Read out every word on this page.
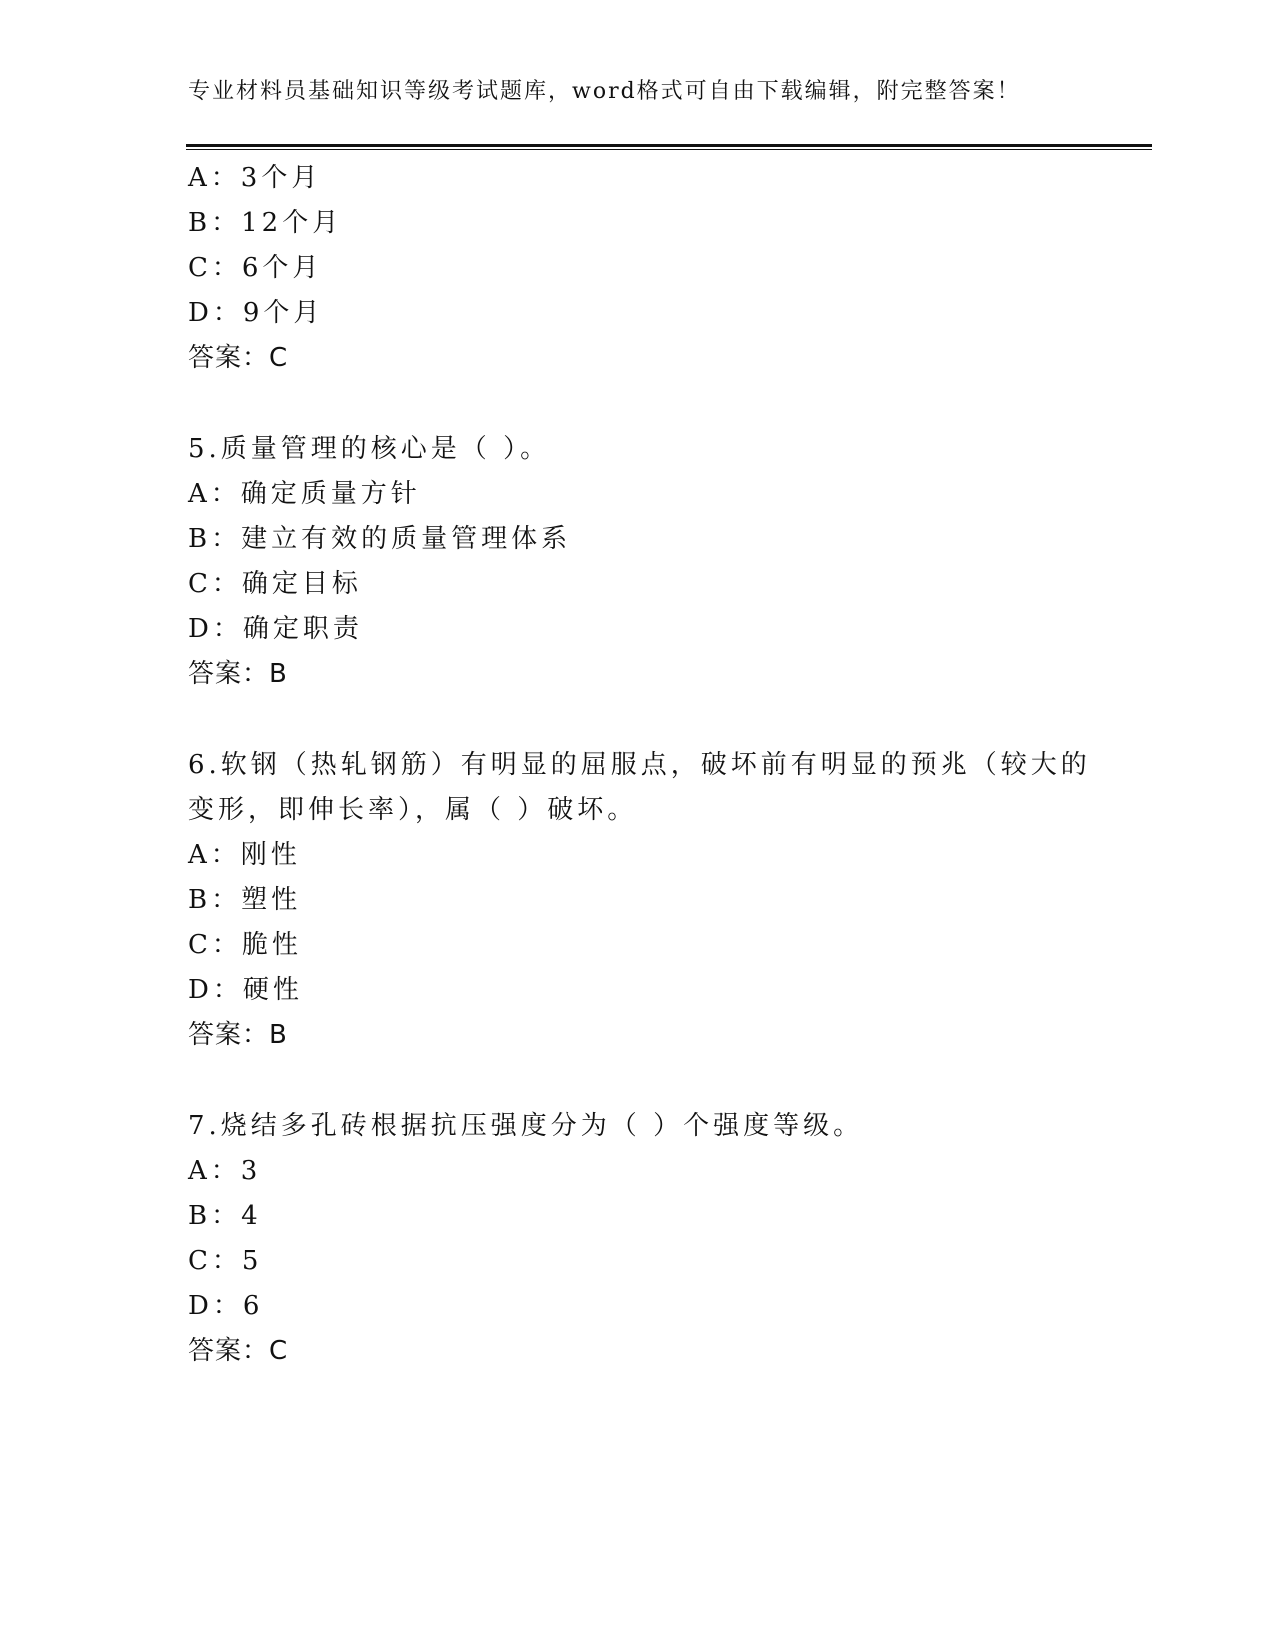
专业材料员基础知识等级考试题库，word格式可自由下载编辑，附完整答案！
A：3个月
B：12个月
C：6个月
D：9个月
答案：C
5.质量管理的核心是（ ）。
A：确定质量方针
B：建立有效的质量管理体系
C：确定目标
D：确定职责
答案：B
6.软钢（热轧钢筋）有明显的屈服点，破坏前有明显的预兆（较大的
变形，即伸长率），属（ ）破坏。
A：刚性
B：塑性
C：脆性
D：硬性
答案：B
7.烧结多孔砖根据抗压强度分为（ ）个强度等级。
A：3
B：4
C：5
D：6
答案：C
